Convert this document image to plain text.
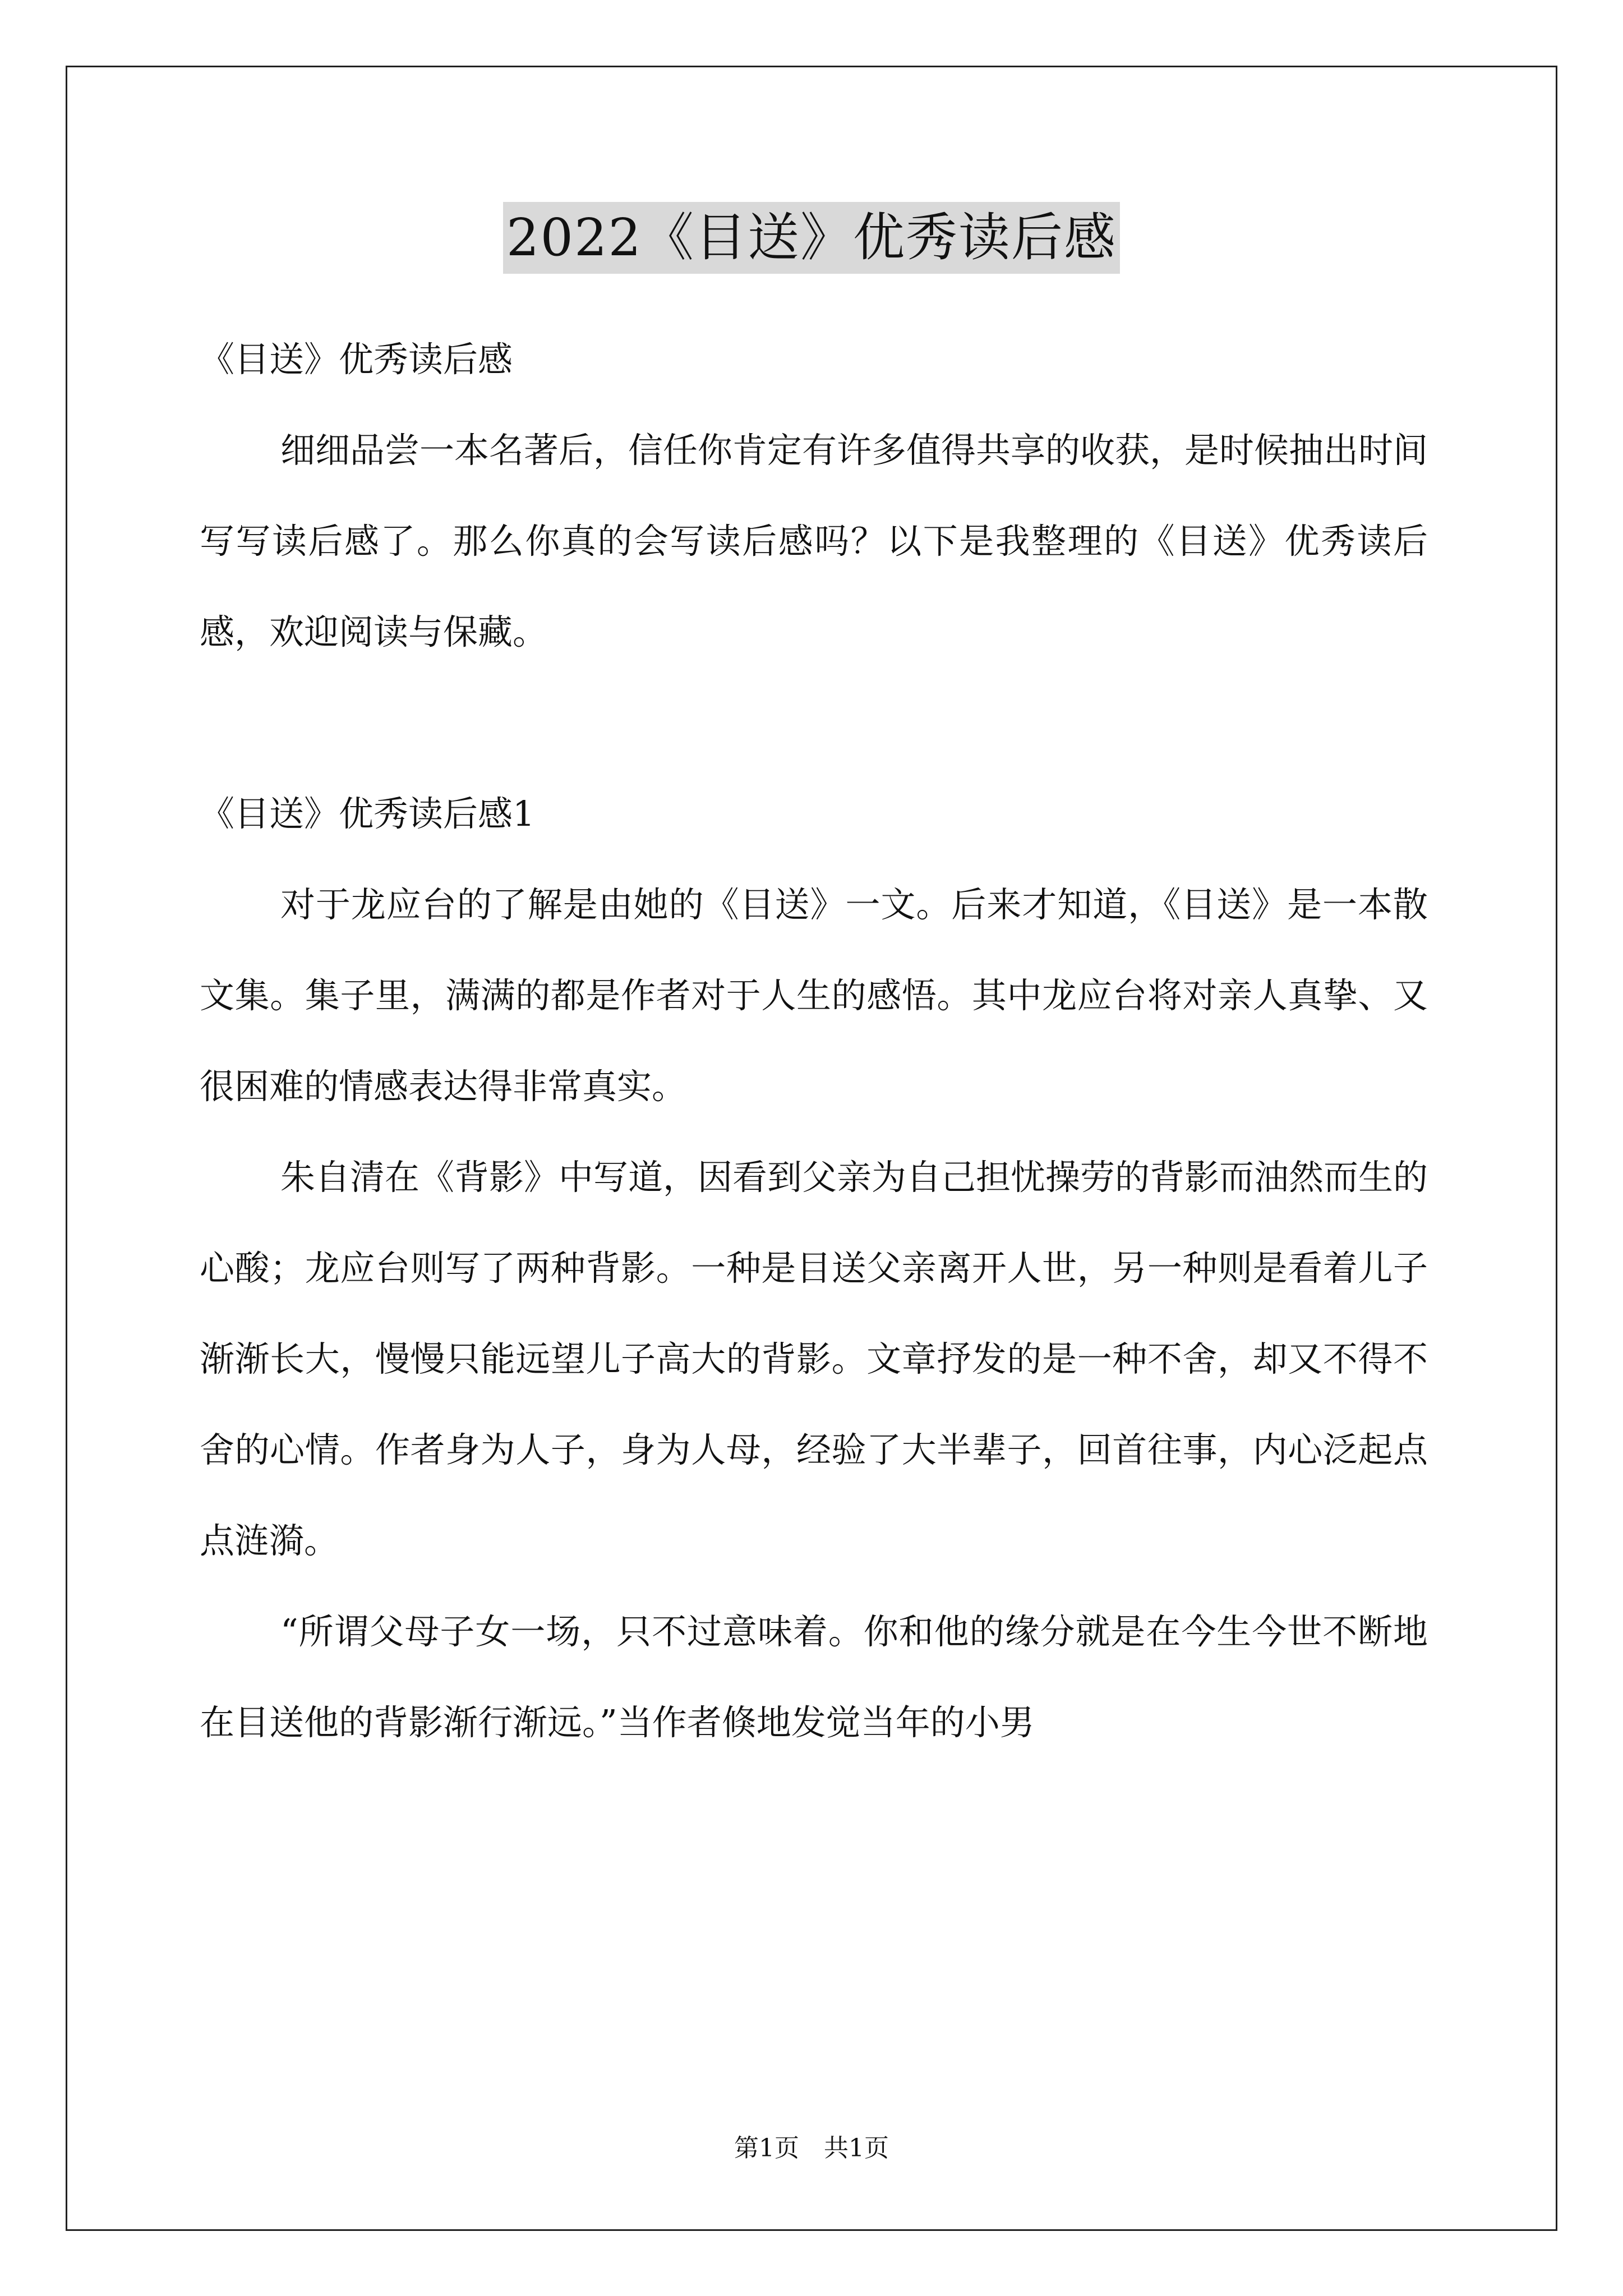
2022《目送》优秀读后感

《目送》优秀读后感

细细品尝一本名著后，信任你肯定有许多值得共享的收获，是时候抽出时间写写读后感了。那么你真的会写读后感吗？以下是我整理的《目送》优秀读后感，欢迎阅读与保藏。

《目送》优秀读后感1

对于龙应台的了解是由她的《目送》一文。后来才知道，《目送》是一本散文集。集子里，满满的都是作者对于人生的感悟。其中龙应台将对亲人真挚、又很困难的情感表达得非常真实。

朱自清在《背影》中写道，因看到父亲为自己担忧操劳的背影而油然而生的心酸；龙应台则写了两种背影。一种是目送父亲离开人世，另一种则是看着儿子渐渐长大，慢慢只能远望儿子高大的背影。文章抒发的是一种不舍，却又不得不舍的心情。作者身为人子，身为人母，经验了大半辈子，回首往事，内心泛起点点涟漪。

“所谓父母子女一场，只不过意味着。你和他的缘分就是在今生今世不断地在目送他的背影渐行渐远。”当作者倏地发觉当年的小男

第1页　共1页
